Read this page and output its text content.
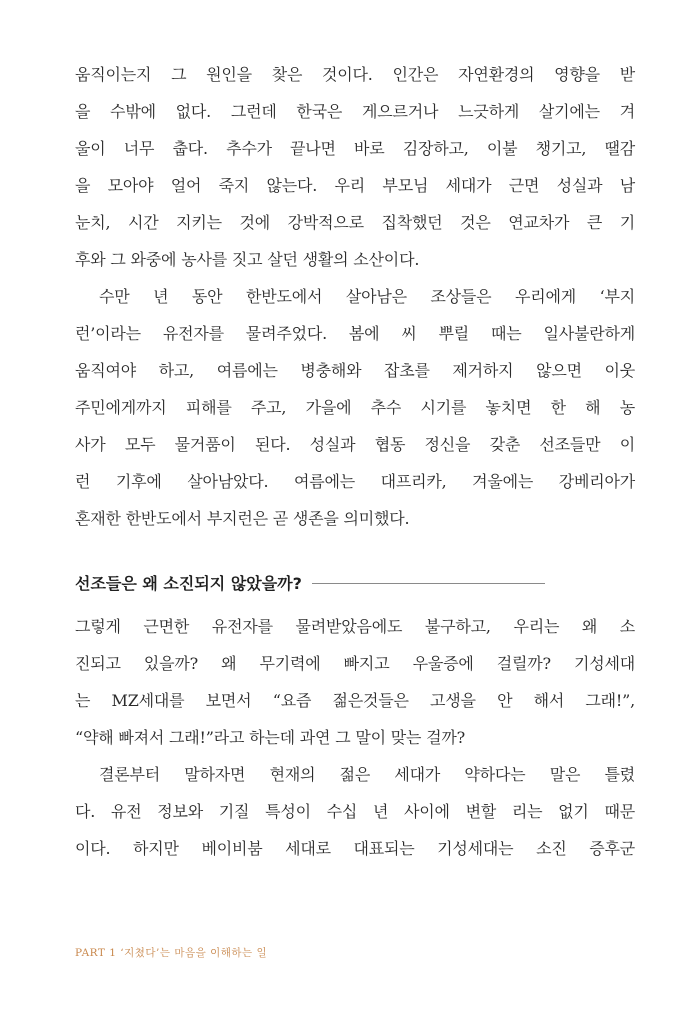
움직이는지 그 원인을 찾은 것이다. 인간은 자연환경의 영향을 받
을 수밖에 없다. 그런데 한국은 게으르거나 느긋하게 살기에는 겨
울이 너무 춥다. 추수가 끝나면 바로 김장하고, 이불 챙기고, 땔감
을 모아야 얼어 죽지 않는다. 우리 부모님 세대가 근면 성실과 남
눈치, 시간 지키는 것에 강박적으로 집착했던 것은 연교차가 큰 기
후와 그 와중에 농사를 짓고 살던 생활의 소산이다.
수만 년 동안 한반도에서 살아남은 조상들은 우리에게 ‘부지
런’이라는 유전자를 물려주었다. 봄에 씨 뿌릴 때는 일사불란하게
움직여야 하고, 여름에는 병충해와 잡초를 제거하지 않으면 이웃
주민에게까지 피해를 주고, 가을에 추수 시기를 놓치면 한 해 농
사가 모두 물거품이 된다. 성실과 협동 정신을 갖춘 선조들만 이
런 기후에 살아남았다. 여름에는 대프리카, 겨울에는 강베리아가
혼재한 한반도에서 부지런은 곧 생존을 의미했다.
선조들은 왜 소진되지 않았을까?
그렇게 근면한 유전자를 물려받았음에도 불구하고, 우리는 왜 소
진되고 있을까? 왜 무기력에 빠지고 우울증에 걸릴까? 기성세대
는 MZ세대를 보면서 “요즘 젊은것들은 고생을 안 해서 그래!”,
“약해 빠져서 그래!”라고 하는데 과연 그 말이 맞는 걸까?
결론부터 말하자면 현재의 젊은 세대가 약하다는 말은 틀렸
다. 유전 정보와 기질 특성이 수십 년 사이에 변할 리는 없기 때문
이다. 하지만 베이비붐 세대로 대표되는 기성세대는 소진 증후군
PART 1 ‘지쳤다’는 마음을 이해하는 일
